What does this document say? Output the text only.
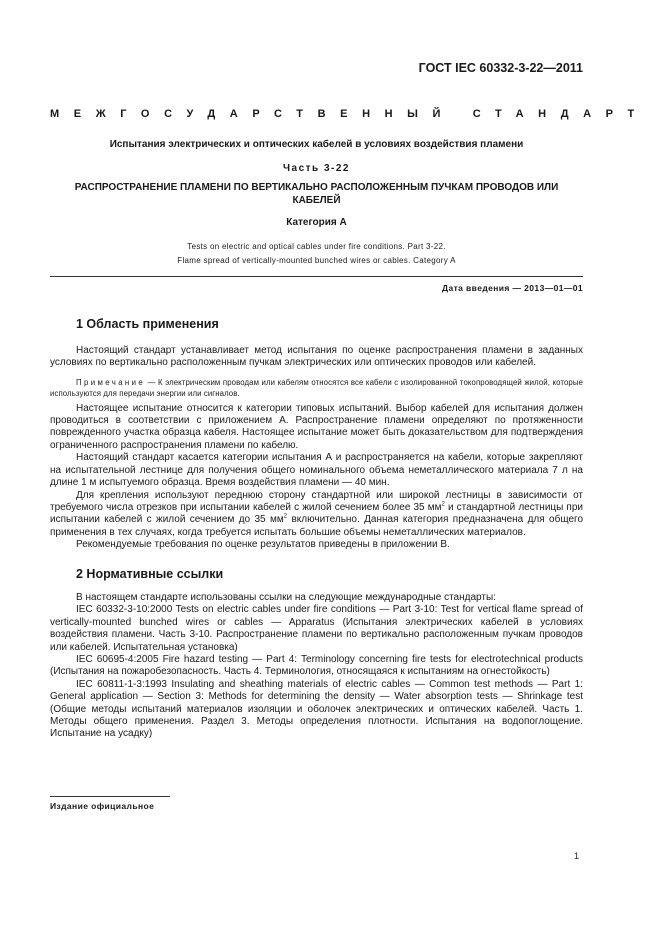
ГОСТ IEC 60332-3-22—2011
МЕЖГОСУДАРСТВЕННЫЙ СТАНДАРТ
Испытания электрических и оптических кабелей в условиях воздействия пламени
Часть 3-22
РАСПРОСТРАНЕНИЕ ПЛАМЕНИ ПО ВЕРТИКАЛЬНО РАСПОЛОЖЕННЫМ ПУЧКАМ ПРОВОДОВ ИЛИ КАБЕЛЕЙ
Категория А
Tests on electric and optical cables under fire conditions. Part 3-22.
Flame spread of vertically-mounted bunched wires or cables. Category A
Дата введения — 2013—01—01
1 Область применения

Настоящий стандарт устанавливает метод испытания по оценке распространения пламени в заданных условиях по вертикально расположенным пучкам электрических или оптических проводов или кабелей.

Примечание — К электрическим проводам или кабелям относятся все кабели с изолированной токопроводящей жилой, которые используются для передачи энергии или сигналов.

Настоящее испытание относится к категории типовых испытаний. Выбор кабелей для испытания должен проводиться в соответствии с приложением А. Распространение пламени определяют по протяженности поврежденного участка образца кабеля. Настоящее испытание может быть доказательством для подтверждения ограниченного распространения пламени по кабелю.

Настоящий стандарт касается категории испытания А и распространяется на кабели, которые закрепляют на испытательной лестнице для получения общего номинального объема неметаллического материала 7 л на длине 1 м испытуемого образца. Время воздействия пламени — 40 мин.

Для крепления используют переднюю сторону стандартной или широкой лестницы в зависимости от требуемого числа отрезков при испытании кабелей с жилой сечением более 35 $мм^2$ и стандартной лестницы при испытании кабелей с жилой сечением до 35 $мм^2$ включительно. Данная категория предназначена для общего применения в тех случаях, когда требуется испытать большие объемы неметаллических материалов.

Рекомендуемые требования по оценке результатов приведены в приложении В.

2 Нормативные ссылки

В настоящем стандарте использованы ссылки на следующие международные стандарты:

IEC 60332-3-10:2000 Tests on electric cables under fire conditions — Part 3-10: Test for vertical flame spread of vertically-mounted bunched wires or cables — Apparatus (Испытания электрических кабелей в условиях воздействия пламени. Часть 3-10. Распространение пламени по вертикально расположенным пучкам проводов или кабелей. Испытательная установка)

IEC 60695-4:2005 Fire hazard testing — Part 4: Terminology concerning fire tests for electrotechnical products (Испытания на пожаробезопасность. Часть 4. Терминология, относящаяся к испытаниям на огнестойкость)

IEC 60811-1-3:1993 Insulating and sheathing materials of electric cables — Common test methods — Part 1: General application — Section 3: Methods for determining the density — Water absorption tests — Shrinkage test (Общие методы испытаний материалов изоляции и оболочек электрических и оптических кабелей. Часть 1. Методы общего применения. Раздел 3. Методы определения плотности. Испытания на водопоглощение. Испытание на усадку)

Издание официальное
1
